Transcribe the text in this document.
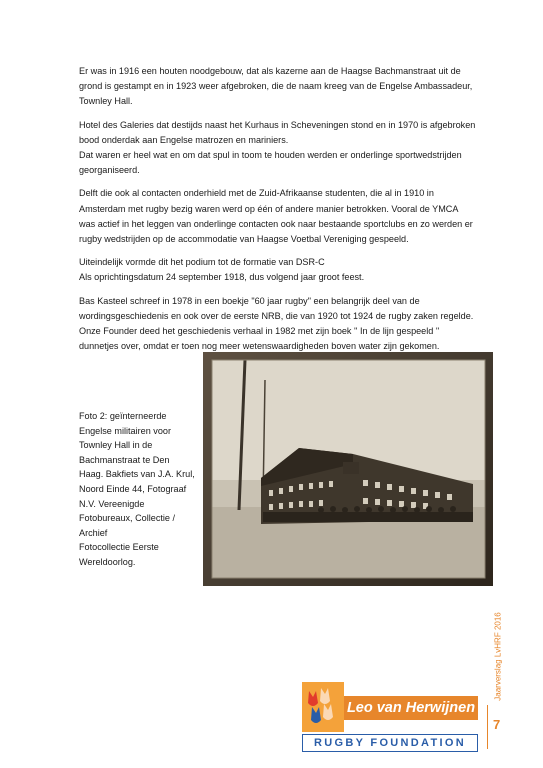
Er was in 1916 een houten noodgebouw, dat als kazerne aan de Haagse Bachmanstraat uit de
grond is gestampt en in 1923 weer afgebroken, die de naam kreeg van de Engelse Ambassadeur,
Townley Hall.

Hotel des Galeries dat destijds naast het Kurhaus in Scheveningen stond en in 1970 is afgebroken
bood onderdak aan Engelse matrozen en mariniers.
Dat waren er heel wat en om dat spul in toom te houden werden er onderlinge sportwedstrijden
georganiseerd.

Delft die ook al contacten onderhield met de Zuid-Afrikaanse studenten, die al in 1910 in
Amsterdam met rugby bezig waren werd op één of andere manier betrokken. Vooral de YMCA
was actief in het leggen van onderlinge contacten ook naar bestaande sportclubs en zo werden er
rugby wedstrijden op de accommodatie van Haagse Voetbal Vereniging gespeeld.

Uiteindelijk vormde dit het podium tot de formatie van DSR-C
Als oprichtingsdatum 24 september 1918, dus volgend jaar groot feest.

Bas Kasteel schreef in 1978 in een boekje "60 jaar rugby" een belangrijk deel van de
wordingsgeschiedenis en ook over de eerste NRB, die van 1920 tot 1924 de rugby zaken regelde.
Onze Founder deed het geschiedenis verhaal in 1982 met zijn boek '' In de lijn gespeeld ''
dunnetjes over, omdat er toen nog meer wetenswaardigheden boven water zijn gekomen.

Foto 2: geïnterneerde
Engelse militairen voor
Townley Hall in de
Bachmanstraat te Den
Haag. Bakfiets van J.A. Krul,
Noord Einde 44, Fotograaf
N.V. Vereenigde
Fotobureaux, Collectie /
Archief
Fotocollectie Eerste
Wereldoorlog.
Jaarverslag LvHRF 2016
7
Leo van Herwijnen
RUGBY FOUNDATION
